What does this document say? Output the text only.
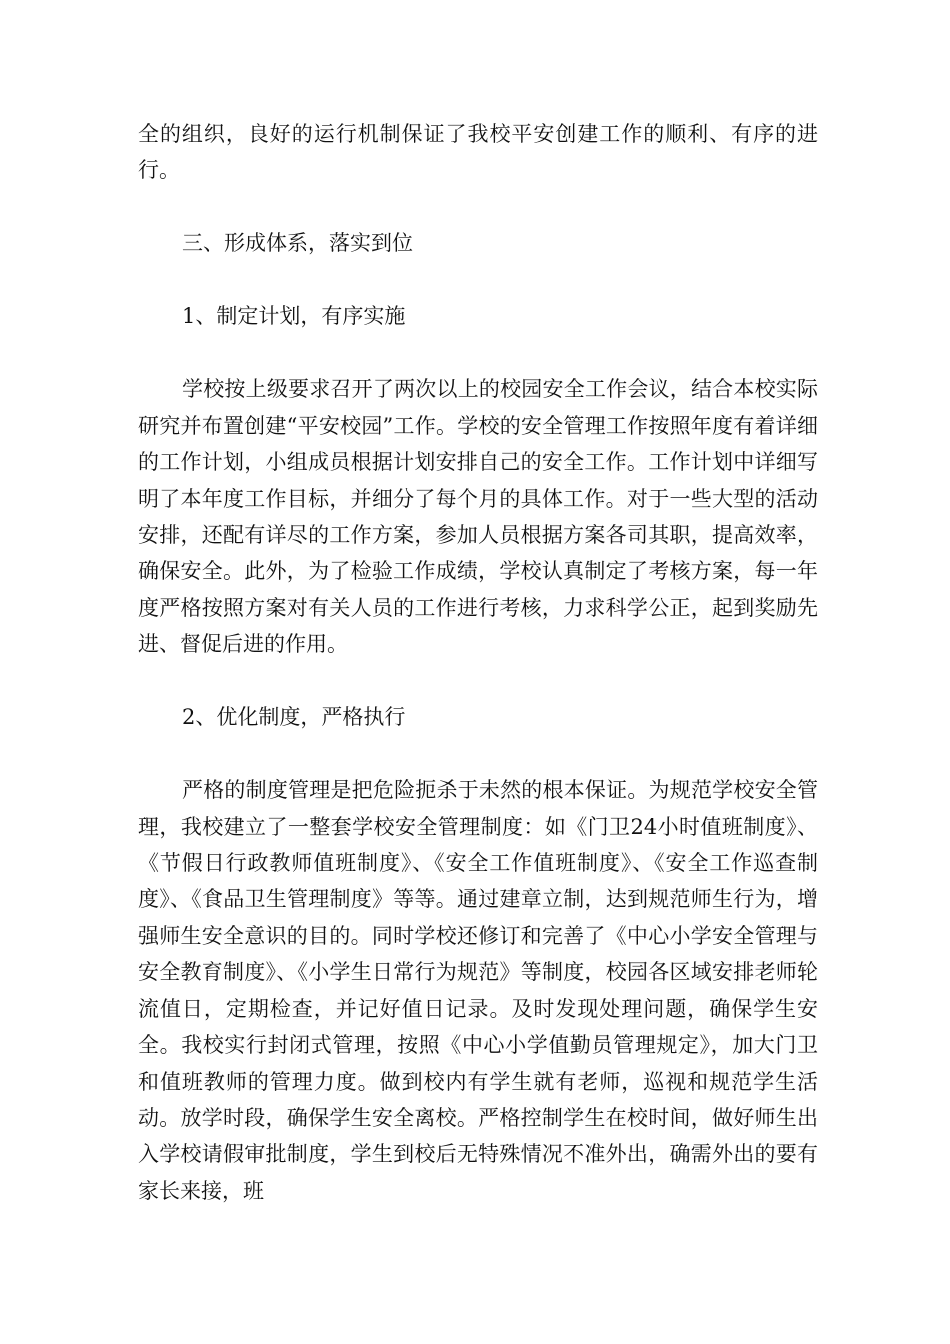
全的组织，良好的运行机制保证了我校平安创建工作的顺利、有序的进行。

三、形成体系，落实到位

1、制定计划，有序实施

学校按上级要求召开了两次以上的校园安全工作会议，结合本校实际研究并布置创建“平安校园”工作。学校的安全管理工作按照年度有着详细的工作计划，小组成员根据计划安排自己的安全工作。工作计划中详细写明了本年度工作目标，并细分了每个月的具体工作。对于一些大型的活动安排，还配有详尽的工作方案，参加人员根据方案各司其职，提高效率，确保安全。此外，为了检验工作成绩，学校认真制定了考核方案，每一年度严格按照方案对有关人员的工作进行考核，力求科学公正，起到奖励先进、督促后进的作用。

2、优化制度，严格执行

严格的制度管理是把危险扼杀于未然的根本保证。为规范学校安全管理，我校建立了一整套学校安全管理制度：如《门卫24小时值班制度》、《节假日行政教师值班制度》、《安全工作值班制度》、《安全工作巡查制度》、《食品卫生管理制度》等等。通过建章立制，达到规范师生行为，增强师生安全意识的目的。同时学校还修订和完善了《中心小学安全管理与安全教育制度》、《小学生日常行为规范》等制度，校园各区域安排老师轮流值日，定期检查，并记好值日记录。及时发现处理问题，确保学生安全。我校实行封闭式管理，按照《中心小学值勤员管理规定》，加大门卫和值班教师的管理力度。做到校内有学生就有老师，巡视和规范学生活动。放学时段，确保学生安全离校。严格控制学生在校时间，做好师生出入学校请假审批制度，学生到校后无特殊情况不准外出，确需外出的要有家长来接，班
